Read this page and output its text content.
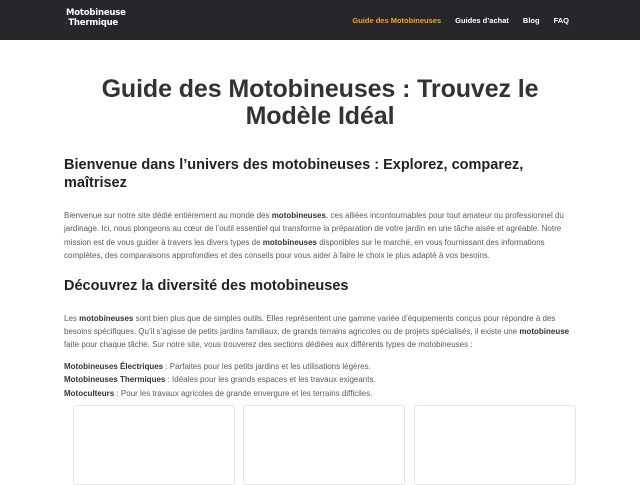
Motobineuse
Thermique	Guide des Motobineuses	Guides d’achat	Blog	FAQ
Guide des Motobineuses : Trouvez le Modèle Idéal
Bienvenue dans l’univers des motobineuses : Explorez, comparez, maîtrisez

Bienvenue sur notre site dédié entièrement au monde des motobineuses, ces alliées incontournables pour tout amateur ou professionnel du jardinage. Ici, nous plongeons au cœur de l’outil essentiel qui transforme la préparation de votre jardin en une tâche aisée et agréable. Notre mission est de vous guider à travers les divers types de motobineuses disponibles sur le marché, en vous fournissant des informations complètes, des comparaisons approfondies et des conseils pour vous aider à faire le choix le plus adapté à vos besoins.

Découvrez la diversité des motobineuses

Les motobineuses sont bien plus que de simples outils. Elles représentent une gamme variée d’équipements conçus pour répondre à des besoins spécifiques. Qu’il s’agisse de petits jardins familiaux, de grands terrains agricoles ou de projets spécialisés, il existe une motobineuse faite pour chaque tâche. Sur notre site, vous trouverez des sections dédiées aux différents types de motobineuses :

Motobineuses Électriques : Parfaites pour les petits jardins et les utilisations légères.
Motobineuses Thermiques : Idéales pour les grands espaces et les travaux exigeants.
Motoculteurs : Pour les travaux agricoles de grande envergure et les terrains difficiles.
